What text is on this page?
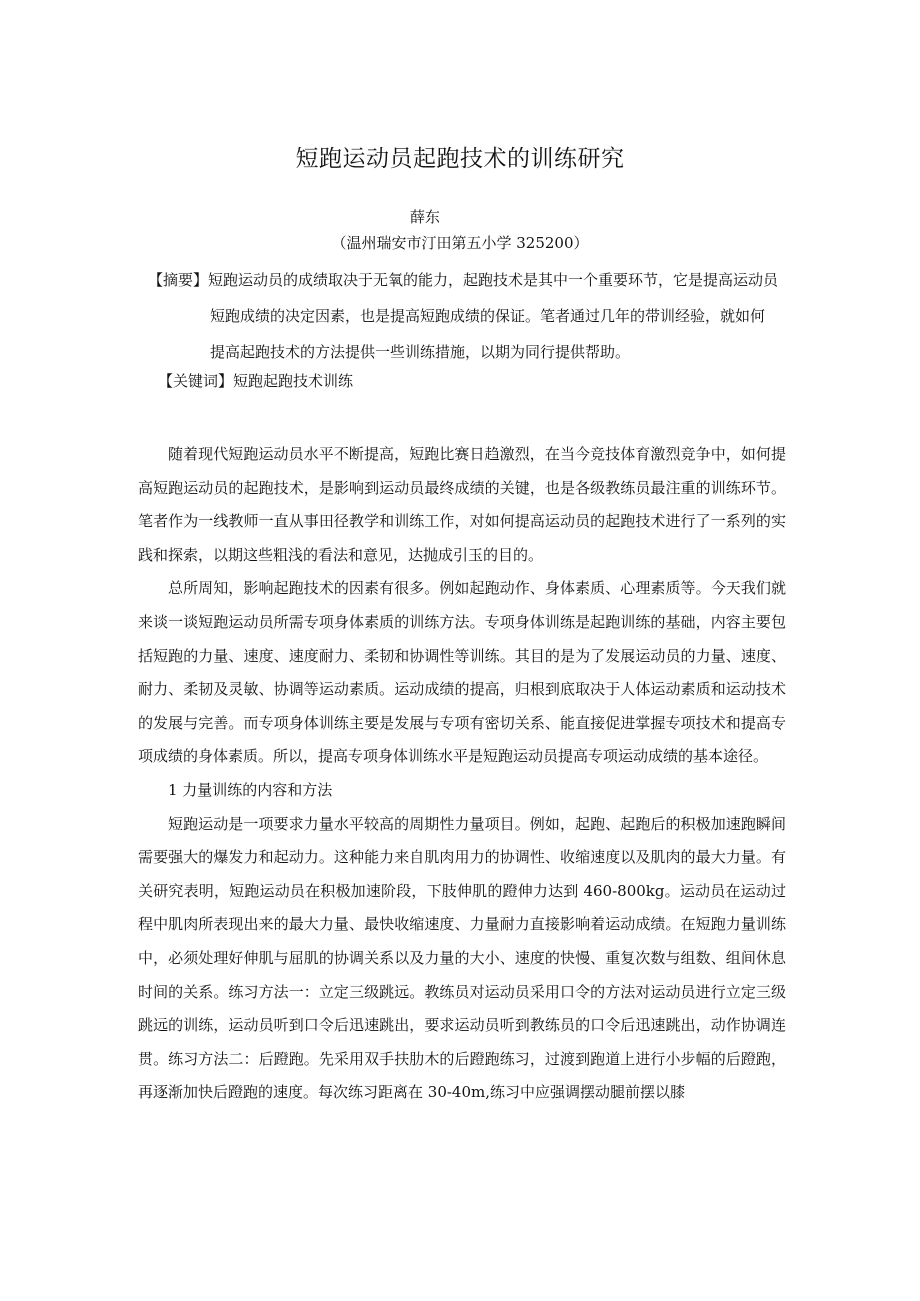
短跑运动员起跑技术的训练研究
薛东
（温州瑞安市汀田第五小学 325200）
【摘要】短跑运动员的成绩取决于无氧的能力，起跑技术是其中一个重要环节，它是提高运动员
短跑成绩的决定因素，也是提高短跑成绩的保证。笔者通过几年的带训经验，就如何
提高起跑技术的方法提供一些训练措施，以期为同行提供帮助。
【关键词】短跑起跑技术训练

随着现代短跑运动员水平不断提高，短跑比赛日趋激烈，在当今竞技体育激烈竞争中，如何提高短跑运动员的起跑技术，是影响到运动员最终成绩的关键，也是各级教练员最注重的训练环节。笔者作为一线教师一直从事田径教学和训练工作，对如何提高运动员的起跑技术进行了一系列的实践和探索，以期这些粗浅的看法和意见，达抛成引玉的目的。

总所周知，影响起跑技术的因素有很多。例如起跑动作、身体素质、心理素质等。今天我们就来谈一谈短跑运动员所需专项身体素质的训练方法。专项身体训练是起跑训练的基础，内容主要包括短跑的力量、速度、速度耐力、柔韧和协调性等训练。其目的是为了发展运动员的力量、速度、耐力、柔韧及灵敏、协调等运动素质。运动成绩的提高，归根到底取决于人体运动素质和运动技术的发展与完善。而专项身体训练主要是发展与专项有密切关系、能直接促进掌握专项技术和提高专项成绩的身体素质。所以，提高专项身体训练水平是短跑运动员提高专项运动成绩的基本途径。

1 力量训练的内容和方法

短跑运动是一项要求力量水平较高的周期性力量项目。例如，起跑、起跑后的积极加速跑瞬间需要强大的爆发力和起动力。这种能力来自肌肉用力的协调性、收缩速度以及肌肉的最大力量。有关研究表明，短跑运动员在积极加速阶段，下肢伸肌的蹬伸力达到 460-800kg。运动员在运动过程中肌肉所表现出来的最大力量、最快收缩速度、力量耐力直接影响着运动成绩。在短跑力量训练中，必须处理好伸肌与屈肌的协调关系以及力量的大小、速度的快慢、重复次数与组数、组间休息时间的关系。练习方法一：立定三级跳远。教练员对运动员采用口令的方法对运动员进行立定三级跳远的训练，运动员听到口令后迅速跳出，要求运动员听到教练员的口令后迅速跳出，动作协调连贯。练习方法二：后蹬跑。先采用双手扶肋木的后蹬跑练习，过渡到跑道上进行小步幅的后蹬跑，再逐渐加快后蹬跑的速度。每次练习距离在 30-40m,练习中应强调摆动腿前摆以膝
